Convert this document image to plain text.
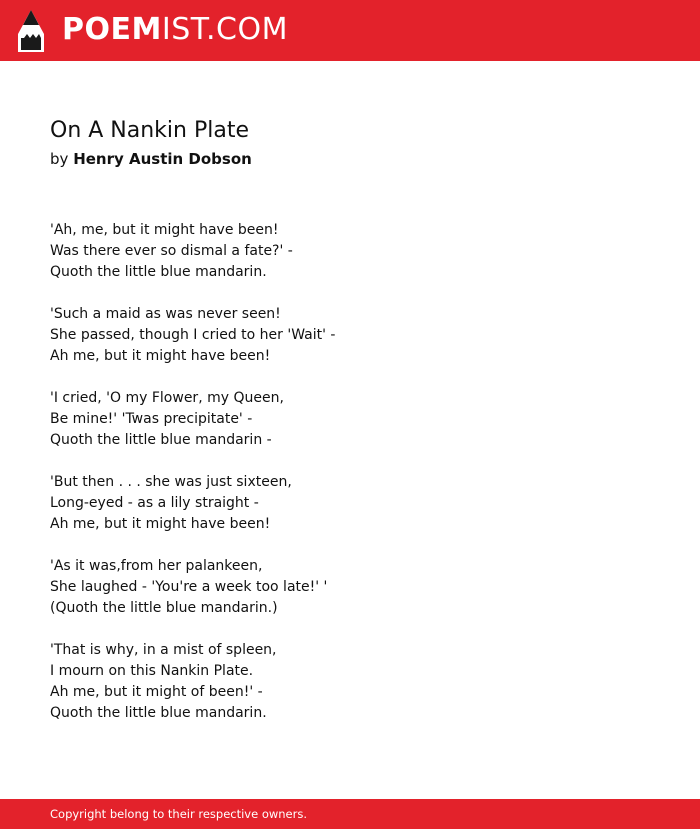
POEMIST.COM
On A Nankin Plate
by Henry Austin Dobson
'Ah, me, but it might have been!
Was there ever so dismal a fate?' -
Quoth the little blue mandarin.
'Such a maid as was never seen!
She passed, though I cried to her 'Wait' -
Ah me, but it might have been!
'I cried, 'O my Flower, my Queen,
Be mine!' 'Twas precipitate' -
Quoth the little blue mandarin -
'But then . . . she was just sixteen,
Long-eyed - as a lily straight -
Ah me, but it might have been!
'As it was,from her palankeen,
She laughed - 'You're a week too late!' '
(Quoth the little blue mandarin.)
'That is why, in a mist of spleen,
I mourn on this Nankin Plate.
Ah me, but it might of been!' -
Quoth the little blue mandarin.
Copyright belong to their respective owners.
